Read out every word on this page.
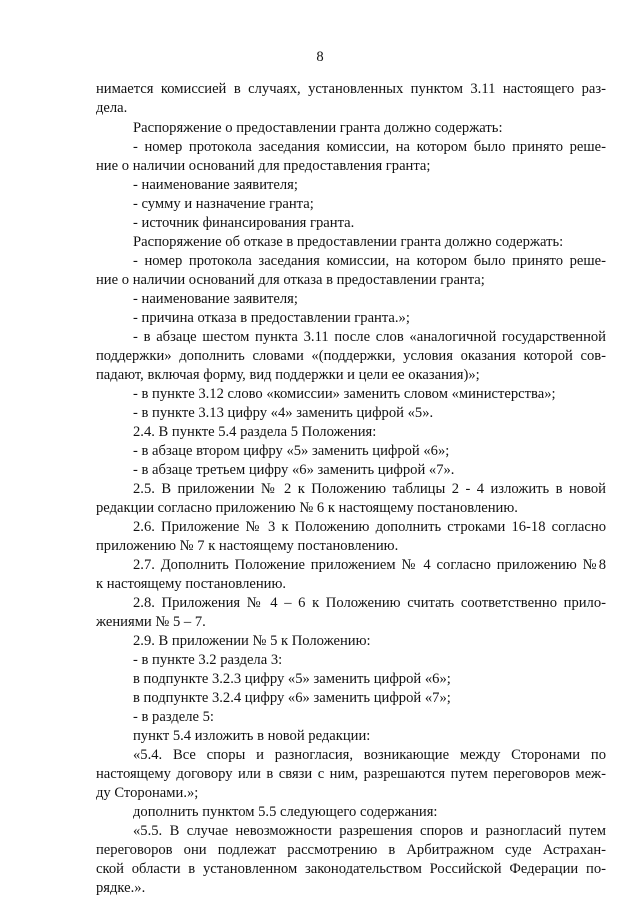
8
нимается комиссией в случаях, установленных пунктом 3.11 настоящего раз-
дела.
Распоряжение о предоставлении гранта должно содержать:
- номер протокола заседания комиссии, на котором было принято реше-
ние о наличии оснований для предоставления гранта;
- наименование заявителя;
- сумму и назначение гранта;
- источник финансирования гранта.
Распоряжение об отказе в предоставлении гранта должно содержать:
- номер протокола заседания комиссии, на котором было принято реше-
ние о наличии оснований для отказа в предоставлении гранта;
- наименование заявителя;
- причина отказа в предоставлении гранта.»;
- в абзаце шестом пункта 3.11 после слов «аналогичной государственной
поддержки» дополнить словами «(поддержки, условия оказания которой сов-
падают, включая форму, вид поддержки и цели ее оказания)»;
- в пункте 3.12 слово «комиссии» заменить словом «министерства»;
- в пункте 3.13 цифру «4» заменить цифрой «5».
2.4. В пункте 5.4 раздела 5 Положения:
- в абзаце втором цифру «5» заменить цифрой «6»;
- в абзаце третьем цифру «6» заменить цифрой «7».
2.5. В приложении № 2 к Положению таблицы 2 - 4 изложить в новой
редакции согласно приложению № 6 к настоящему постановлению.
2.6. Приложение № 3 к Положению дополнить строками 16-18 согласно
приложению № 7 к настоящему постановлению.
2.7. Дополнить Положение приложением № 4 согласно приложению №8
к настоящему постановлению.
2.8. Приложения № 4 – 6 к Положению считать соответственно прило-
жениями № 5 – 7.
2.9. В приложении № 5 к Положению:
- в пункте 3.2 раздела 3:
в подпункте 3.2.3 цифру «5» заменить цифрой «6»;
в подпункте 3.2.4 цифру «6» заменить цифрой «7»;
- в разделе 5:
пункт 5.4 изложить в новой редакции:
«5.4. Все споры и разногласия, возникающие между Сторонами по
настоящему договору или в связи с ним, разрешаются путем переговоров меж-
ду Сторонами.»;
дополнить пунктом 5.5 следующего содержания:
«5.5. В случае невозможности разрешения споров и разногласий путем
переговоров они подлежат рассмотрению в Арбитражном суде Астрахан-
ской области в установленном законодательством Российской Федерации по-
рядке.».
